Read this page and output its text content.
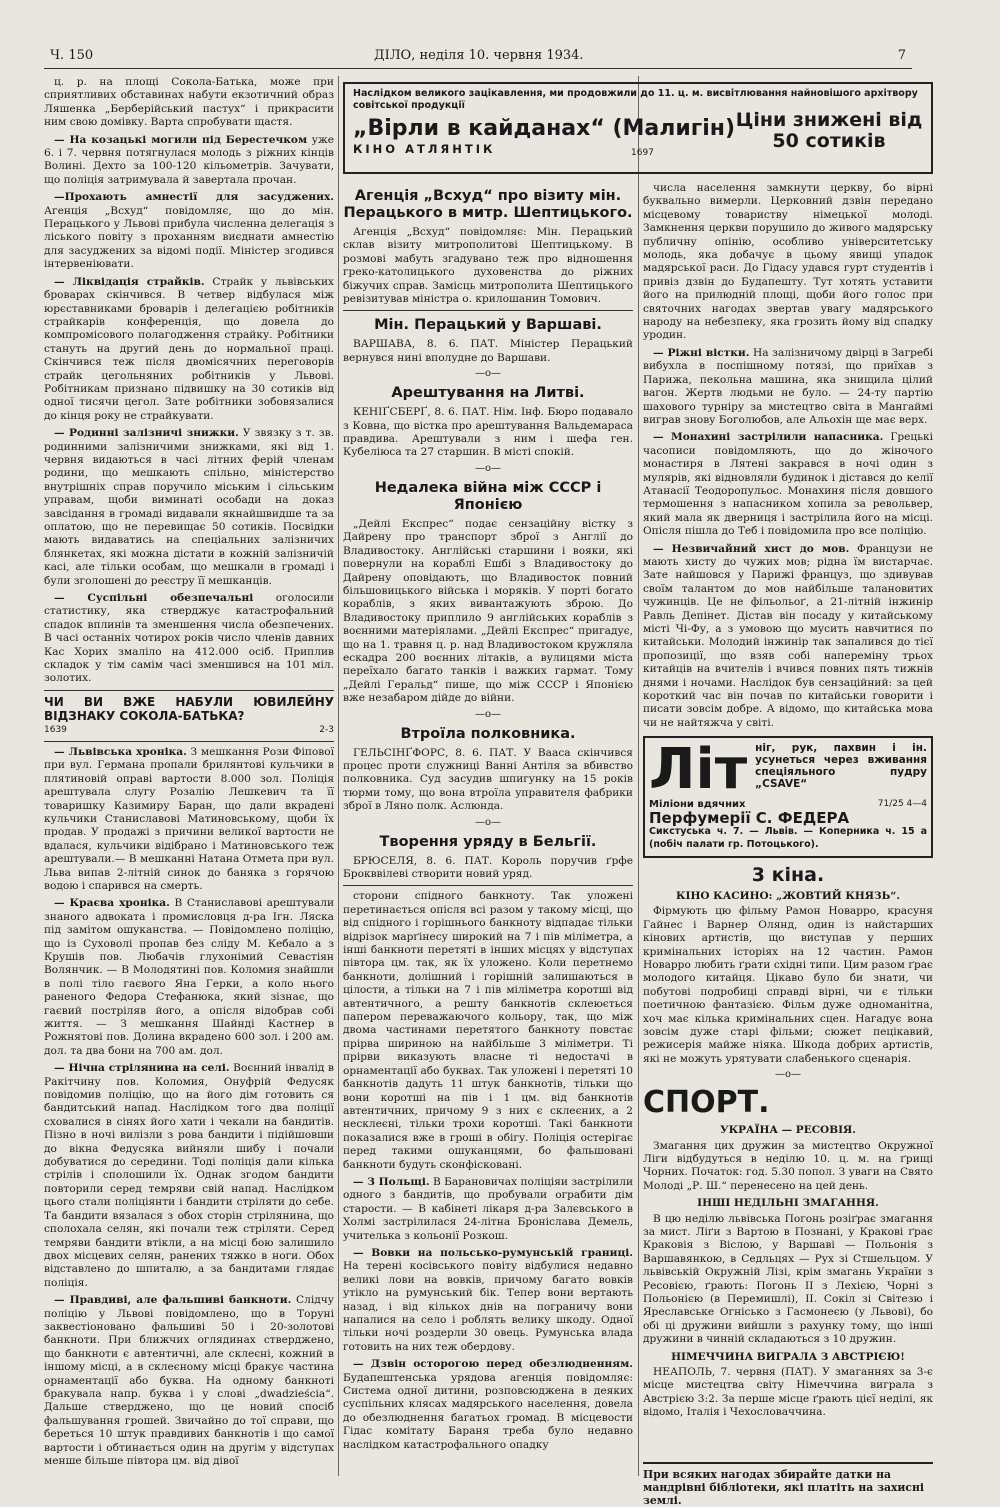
Ч. 150	ДІЛО, неділя 10. червня 1934.	7

ц. р. на площі Сокола-Батька, може при сприятливих обставинах набути екзотичний образ Ляшенка „Берберійський пастух“ і прикрасити ним свою домівку. Варта спробувати щастя.

— На козацькі могили під Берестечком уже 6. і 7. червня потягнулася молодь з ріжних кінців Волині. Дехто за 100-120 кільометрів. Зачувати, що поліція затримувала й завертала прочан.

—Прохають амнестії для засуджених. Агенція „Всхуд“ повідомляє, що до мін. Перацького у Львові прибула численна делегація з ліського повіту з проханням виєднати амнестію для засуджених за відомі події. Міністер згодився інтервеніювати.

— Ліквідація страйків. Страйк у львівських броварах скінчився. В четвер відбулася між юрєставниками броварів і делегацією робітників страйкарів конференція, що довела до компромісового полагодження страйку. Робітники стануть на другий день до нормальної праці. Скінчився теж після двомісячних переговорів страйк цегольняних робітників у Львові. Робітникам признано підвишку на 30 сотиків від одної тисячи цегол. Зате робітники зобовязалися до кінця року не страйкувати.

— Родинні залізничі знижки. У звязку з т. зв. родинними залізничими знижками, які від 1. червня видаються в часі літних ферій членам родини, що мешкають спільно, міністерство внутрішніх справ поручило міським і сільським управам, щоби виминаті особади на доказ завсідання в громаді видавали якнайшвидше та за оплатою, що не перевищає 50 сотиків. Посвідки мають видаватись на спеціальних залізничих блянкетах, які можна дістати в кожній залізничій касі, але тільки особам, що мешкали в громаді і були зголошені до реєстру її мешканців.

— Суспільні обезпечальні оголосили статистику, яка стверджує катастрофальний спадок вплинів та зменшення числа обезпечених. В часі останніх чотирох років число членів давних Кас Хорих змаліло на 412.000 осіб. Приплив складок у тім самім часі зменшився на 101 міл. золотих.

ЧИ ВИ ВЖЕ НАБУЛИ ЮВИЛЕЙНУ ВІДЗНАКУ СОКОЛА-БАТЬКА?
1639	2-3

— Львівська хроніка. З мешкання Рози Фіпової при вул. Германа пропали брилянтові кульчики в плятиновій оправі вартости 8.000 зол. Поліція арештувала слугу Розалію Лешкевич та її товаришку Казимиру Баран, що дали вкрадені кульчики Станиславові Матиновському, щоби їх продав. У продажі з причини великої вартости не вдалася, кульчики відібрано і Матиновського теж арештували.— В мешканні Натана Отмета при вул. Льва випав 2-літній синок до баняка з горячою водою і спарився на смерть.

— Краєва хроніка. В Станиславові арештували знаного адвоката і промисловця д-ра Ігн. Ляска під замітом ошуканства. — Повідомлено поліцію, що із Суховолі пропав без сліду М. Кебало а з Крушів пов. Любачів глухонімий Севастіян Волянчик. — В Молодятині пов. Коломия знайшли в полі тіло гаєвого Яна Герки, а коло нього раненого Федора Стефанюка, який зізнає, що гаєвий постріляв його, а опісля відобрав собі життя. — З мешкання Шайнді Кастнер в Рожнятові пов. Долина вкрадено 600 зол. і 200 ам. дол. та два бони на 700 ам. дол.

— Нічна стрілянина на селі. Воєнний інвалід в Ракітчину пов. Коломия, Онуфрій Федусяк повідомив поліцію, що на його дім готовить ся бандитський напад. Наслідком того два поліції сховалися в сінях його хати і чекали на бандитів. Пізно в ночі вилізли з рова бандити і підійшовши до вікна Федусяка вийняли шибу і почали добуватися до середини. Тоді поліція дали кілька стрілів і сполошили їх. Однак згодом бандити повторили серед темряви свій напад. Наслідком цього стали поліціянти і бандити стріляти до себе. Та бандити вязалася з обох сторін стрілянина, що сполохала селян, які почали теж стріляти. Серед темряви бандити втікли, а на місці бою залишило двох місцевих селян, ранених тяжко в ноги. Обох відставлено до шпиталю, а за бандитами глядає поліція.

— Правдиві, але фальшиві банкноти. Слідчу поліцію у Львові повідомлено, що в Торуні заквестіоновано фальшиві 50 і 20-золотові банкноти. При ближчих оглядинах стверджено, що банкноти є автентичні, але склеєні, кожний в іншому місці, а в склеєному місці бракує частина орнаментації або буква. На одному банкноті бракувала напр. буква і у слові „dwadzieścia“. Дальше стверджено, що це новий спосіб фальшування грошей. Звичайно до тої справи, що береться 10 штук правдивих банкнотів і що самої вартости і обтинається один на другім у відступах менше більше півтора цм. від дівої

Наслідком великого зацікавлення, ми продовжили до 11. ц. м. висвітлювання найновішого архітвору совітської продукції
„Вірли в кайданах“ (Малигін)
КІНО АТЛЯНТІК	1697
Ціни знижені від 50 сотиків
Агенція „Всхуд“ про візиту мін. Перацького в митр. Шептицького.

Агенція „Всхуд“ повідомляє: Мін. Перацький склав візиту митрополитові Шептицькому. В розмові мабуть згадувано теж про відношення греко-католицького духовенства до ріжних біжучих справ. Замісць митрополита Шептицького ревізитував міністра о. крилошанин Томович.

Мін. Перацький у Варшаві.

ВАРШАВА, 8. 6. ПАТ. Міністер Перацький вернувся нині вполудне до Варшави.

—o—
Арештування на Литві.

КЕНІҐСБЕРҐ, 8. 6. ПАТ. Нім. Інф. Бюро подавало з Ковна, що вістка про арештування Вальдемараса правдива. Арештували з ним і шефа ген. Кубеліюса та 27 старшин. В місті спокій.

—o—
Недалека війна між СССР і Японією

„Дейлі Експрес“ подає сензаційну вістку з Дайрену про транспорт зброї з Англії до Владивостоку. Англійські старшини і вояки, які повернули на кораблі Ешбі з Владивостоку до Дайрену оповідають, що Владивосток повний більшовицького війська і моряків. У порті богато кораблів, з яких вивантажують зброю. До Владивостоку приплило 9 англійських кораблів з воєнними матеріялами. „Дейлі Експрес“ пригадує, що на 1. травня ц. р. над Владивостоком кружляла ескадра 200 воєнних літаків, а вулицями міста переїхало багато танків і важких гармат. Тому „Дейлі Геральд“ пише, що між СССР і Японією вже незабаром дійде до війни.

—o—
Втроїла полковника.

ГЕЛЬСІНҐФОРС, 8. 6. ПАТ. У Вааса скінчився процес проти служниці Ванні Антіля за вбивство полковника. Суд засудив шпигунку на 15 років тюрми тому, що вона втроїла управителя фабрики зброї в Ляно полк. Аслюнда.

—o—
Творення уряду в Бельгії.

БРЮСЕЛЯ, 8. 6. ПАТ. Король поручив ґрфе Брокввілеві створити новий уряд.

сторони спідного банкноту. Так уложені перетинається опісля всі разом у такому місці, що від спідного і горішнього банкноту відпадає тільки відрізок марґінесу широкий на 7 і пів міліметра, а інші банкноти перетяті в інших місцях у відступах півтора цм. так, як їх уложено. Коли перетнемо банкноти, долішний і горішній залишаються в цілости, а тільки на 7 і пів міліметра коротші від автентичного, а решту банкнотів склеюється папером переважаючого кольору, так, що між двома частинами перетятого банкноту повстає прірва шириною на найбільше 3 міліметри. Ті прірви виказують власне ті недостачі в орнаментації або буквах. Так уложені і перетяті 10 банкнотів дадуть 11 штук банкнотів, тільки що вони коротші на пів і 1 цм. від банкнотів автентичних, причому 9 з них є склеєних, а 2 несклеєні, тільки трохи коротші. Такі банкноти показалися вже в гроші в обігу. Поліція остерігає перед такими ошуканцями, бо фальшовані банкноти будуть сконфісковані.

— З Польщі. В Барановичах поліціяи застрілили одного з бандитів, що пробували ограбити дім старости. — В кабінеті лікаря д-ра Залєвського в Холмі застрілилася 24-літна Броніслава Демель, учителька з кольонії Розкош.

— Вовки на польсько-румунській границі. На терені косівського повіту відбулися недавно великі лови на вовків, причому багато вовків утікло на румунський бік. Тепер вони вертають назад, і від кількох днів на пограничу вони напалися на село і роблять велику шкоду. Одної тільки ночі роздерли 30 овець. Румунська влада готовить на них теж обердову.

— Дзвін осторогою перед обезлюдненням. Будапештенська урядова агенція повідомляє: Система одної дитини, розповсюджена в деяких суспільних клясах мадярського населення, довела до обезлюднення багатьох громад. В місцевости Гідас комітату Бараня треба було недавно наслідком катастрофального опадку

числа населення замкнути церкву, бо вірні буквально вимерли. Церковний дзвін передано місцевому товариству німецької молоді. Замкнення церкви порушило до живого мадярську публичну опінію, особливо університетську молодь, яка добачує в цьому явищі упадок мадярської раси. До Гідасу удався гурт студентів і привіз дзвін до Будапешту. Тут хотять уставити його на прилюдній площі, щоби його голос при святочних нагодах звертав увагу мадярського народу на небезпеку, яка грозить йому від спадку уродин.

— Ріжні вістки. На залізничому двірці в Загребі вибухла в поспішному потязі, що приїхав з Парижа, пекольна машина, яка знищила цілий вагон. Жертв людьми не було. — 24-ту партію шахового турніру за мистецтво світа в Мангаймі виграв знову Боголюбов, але Альохін ще має верх.

— Монахині застрілили напасника. Грецькі часописи повідомляють, що до жіночого монастиря в Лятені закрався в ночі один з мулярів, які відновляли будинок і дістався до келії Атанасії Теодоропульос. Монахиня після довшого термошення з напасником хопила за револьвер, який мала як дверниця і застрілила його на місці. Опісля пішла до Теб і повідомила про все поліцію.

— Незвичайний хист до мов. Французи не мають хисту до чужих мов; рідна їм вистарчає. Зате найшовся у Парижі француз, що здивував своїм талантом до мов найбільше талановитих чужинців. Це не фільольоґ, а 21-літній інжинір Равль Депінет. Дістав він посаду у китайському місті Чі-Фу, а з умовою що мусить навчитися по китайськи. Молодий інжинір так запалився до тієї пропозиції, що взяв собі напереміну трьох китайців на вчителів і вчився повних пять тижнів днями і ночами. Наслідок був сензаційний: за цей короткий час він почав по китайськи говорити і писати зовсім добре. А відомо, що китайська мова чи не найтяжча у світі.

Літ ніг, рук, пахвин і ін. усунеться через вживання спеціяльного пудру „CSAVE“
Міліони вдячних	71/25 4—4
Перфумерії С. ФЕДЕРА
Сикстуська ч. 7. — Львів. — Коперника ч. 15 а (побіч палати гр. Потоцького).
3 кіна.
КІНО КАСИНО: „ЖОВТИЙ КНЯЗЬ“.

Фірмують цю фільму Рамон Новарро, красуня Гайнес і Варнер Олянд, один із найстарших кінових артистів, що виступав у перших кримінальних історіях на 12 частин. Рамон Новарро любить ґрати східні типи. Цим разом ґрає молодого китайця. Цікаво було би знати, чи побутові подробиці справді вірні, чи є тільки поетичною фантазією. Фільм дуже одноманітна, хоч має кілька кримінальних сцен. Нагадує вона зовсім дуже старі фільми; сюжет пецікавий, режисерія майже ніяка. Шкода добрих артистів, які не можуть урятувати слабенького сценарія.

—o—
СПОРТ.
УКРАЇНА — РЕСОВІЯ.

Змагання цих дружин за мистецтво Окружної Ліги відбудуться в неділю 10. ц. м. на ґрищі Чорних. Початок: год. 5.30 попол. З уваги на Свято Молоді „Р. Ш.“ перенесено на цей день.

ІНШІ НЕДІЛЬНІ ЗМАГАННЯ.

В цю неділю львівська Погонь розіґрає змагання за мист. Ліґи з Вартою в Познані, у Кракові ґрає Краковія з Віслою, у Варшаві — Польонія з Варшавянкою, в Седльцях — Рух зі Стшельцом. У львівській Окружній Лізі, крім змагань України з Ресовією, ґрають: Погонь II з Лехією, Чорні з Польонією (в Перемишлі), II. Сокіл зі Світезю і Яреславське Огнісько з Гасмонеєю (у Львові), бо обі ці дружини вийшли з рахунку тому, що інші дружини в чинній складаються з 10 дружин.

НІМЕЧЧИНА ВИГРАЛА З АВСТРІЄЮ!

НЕАПОЛЬ, 7. червня (ПАТ). У змаганнях за 3-є місце мистецтва світу Німеччина виграла з Австрією 3:2. За перше місце ґрають цієї неділі, як відомо, Італія і Чехословаччина.

При всяких нагодах збирайте датки на мандрівні бібліотеки, які платіть на захисні землі.
